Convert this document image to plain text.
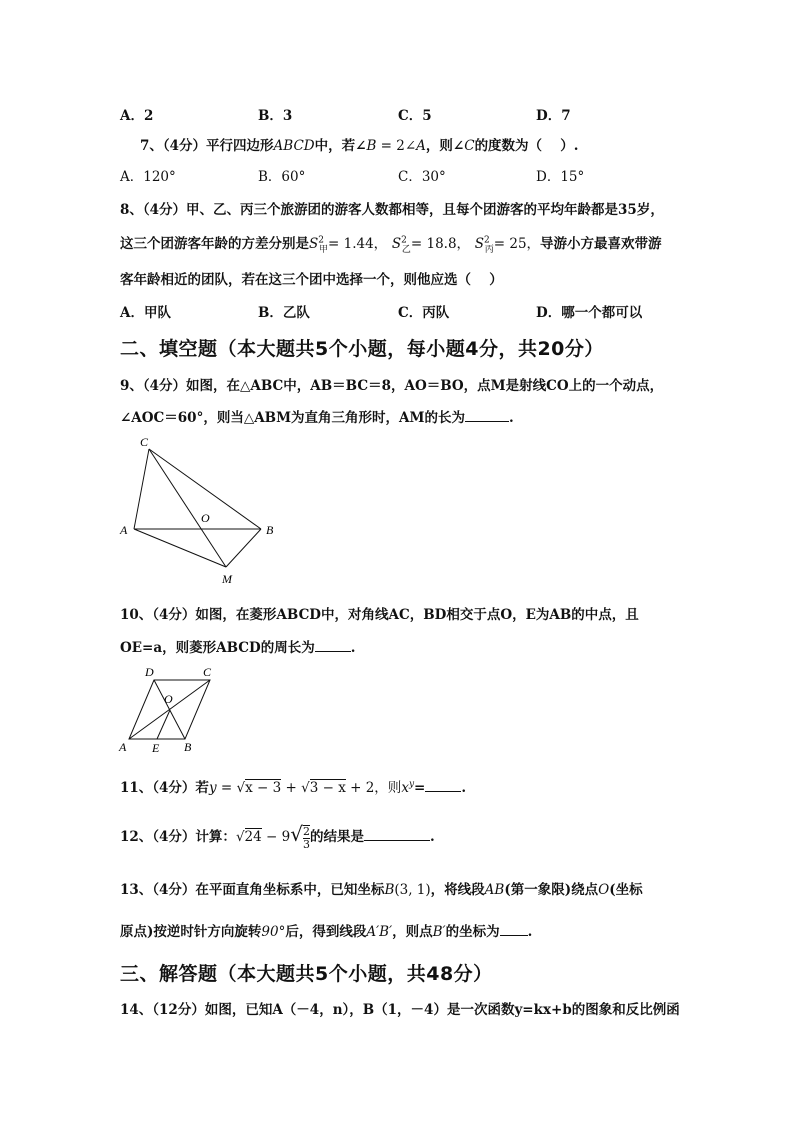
A．2	B．3	C．5	D．7
7、（4分）平行四边形ABCD中，若∠B = 2∠A，则∠C的度数为（　 ）.
A．120°	B．60°	C．30°	D．15°
8、（4分）甲、乙、丙三个旅游团的游客人数都相等，且每个团游客的平均年龄都是35岁，
这三个团游客年龄的方差分别是$S^2_甲= 1.44$， $S^2_乙= 18.8$， $S^2_丙= 25$，导游小方最喜欢带游
客年龄相近的团队，若在这三个团中选择一个，则他应选（　 ）
A．甲队	B．乙队	C．丙队	D．哪一个都可以
二、填空题（本大题共5个小题，每小题4分，共20分）
9、（4分）如图，在△ABC中，AB＝BC＝8，AO＝BO，点M是射线CO上的一个动点，
∠AOC＝60°，则当△ABM为直角三角形时，AM的长为	.
C
A
O
B
M
10、（4分）如图，在菱形ABCD中，对角线AC，BD相交于点O，E为AB的中点，且
OE=a，则菱形ABCD的周长为	.
D	C
O
A E B
11、（4分）若y = √x − 3 + √3 − x + 2，则$x^y=$	.
12、（4分）计算：$√24 - 9√ \frac{2}{3}$ 的结果是	.
13、（4分）在平面直角坐标系中，已知坐标B(3, 1)，将线段AB(第一象限)绕点O(坐标
原点)按逆时针方向旋转90°后，得到线段A′B′，则点B′的坐标为 .
三、解答题（本大题共5个小题，共48分）
14、（12分）如图，已知A（－4，n），B（1，－4）是一次函数y=kx+b的图象和反比例函
